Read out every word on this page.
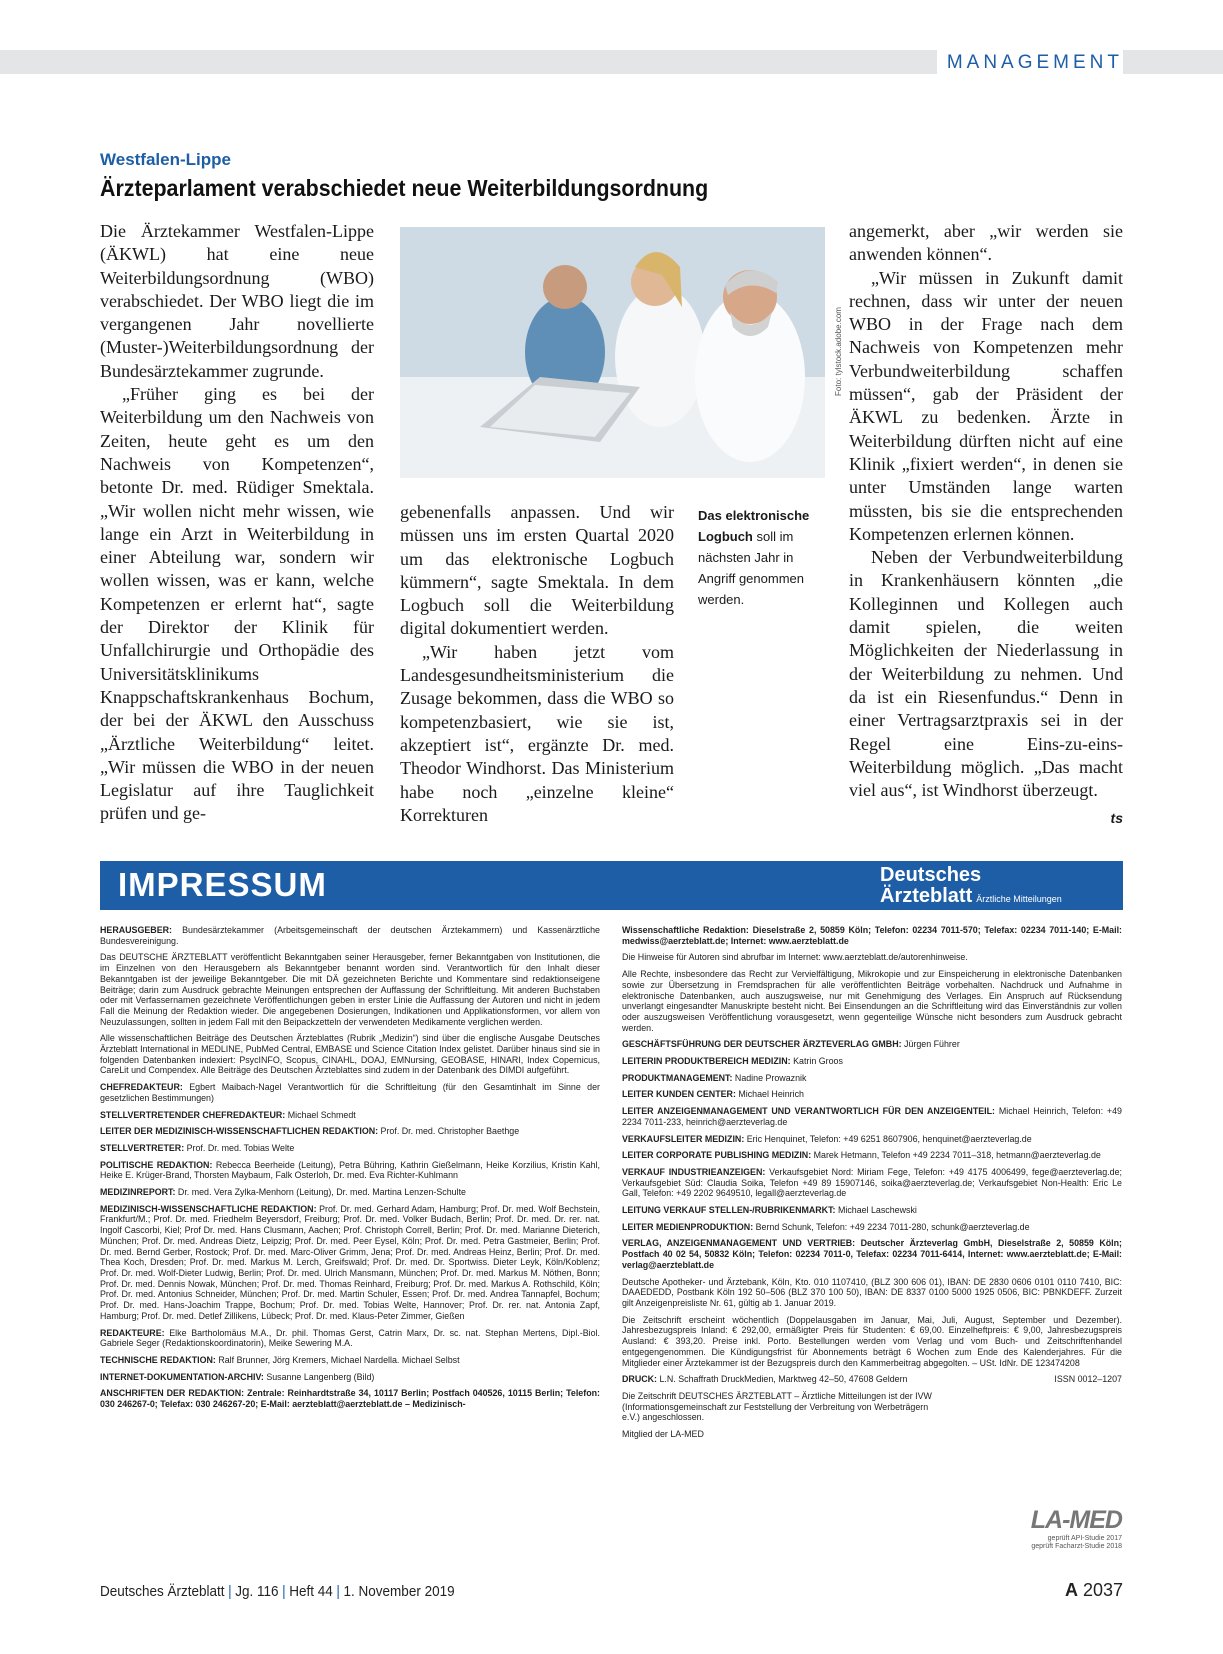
MANAGEMENT
Westfalen-Lippe
Ärzteparlament verabschiedet neue Weiterbildungsordnung

Die Ärztekammer Westfalen-Lippe (ÄKWL) hat eine neue Weiterbildungsordnung (WBO) verabschiedet. Der WBO liegt die im vergangenen Jahr novellierte (Muster-)Weiterbildungsordnung der Bundesärztekammer zugrunde.

„Früher ging es bei der Weiterbildung um den Nachweis von Zeiten, heute geht es um den Nachweis von Kompetenzen“, betonte Dr. med. Rüdiger Smektala. „Wir wollen nicht mehr wissen, wie lange ein Arzt in Weiterbildung in einer Abteilung war, sondern wir wollen wissen, was er kann, welche Kompetenzen er erlernt hat“, sagte der Direktor der Klinik für Unfallchirurgie und Orthopädie des Universitätsklinikums Knappschaftskrankenhaus Bochum, der bei der ÄKWL den Ausschuss „Ärztliche Weiterbildung“ leitet. „Wir müssen die WBO in der neuen Legislatur auf ihre Tauglichkeit prüfen und ge-

Foto: tylstock.adobe.com
Das elektronische Logbuch soll im nächsten Jahr in Angriff genommen werden.

gebenenfalls anpassen. Und wir müssen uns im ersten Quartal 2020 um das elektronische Logbuch kümmern“, sagte Smektala. In dem Logbuch soll die Weiterbildung digital dokumentiert werden.

„Wir haben jetzt vom Landesgesundheitsministerium die Zusage bekommen, dass die WBO so kompetenzbasiert, wie sie ist, akzeptiert ist“, ergänzte Dr. med. Theodor Windhorst. Das Ministerium habe noch „einzelne kleine“ Korrekturen

angemerkt, aber „wir werden sie anwenden können“.

„Wir müssen in Zukunft damit rechnen, dass wir unter der neuen WBO in der Frage nach dem Nachweis von Kompetenzen mehr Verbundweiterbildung schaffen müssen“, gab der Präsident der ÄKWL zu bedenken. Ärzte in Weiterbildung dürften nicht auf eine Klinik „fixiert werden“, in denen sie unter Umständen lange warten müssten, bis sie die entsprechenden Kompetenzen erlernen können.

Neben der Verbundweiterbildung in Krankenhäusern könnten „die Kolleginnen und Kollegen auch damit spielen, die weiten Möglichkeiten der Niederlassung in der Weiterbildung zu nehmen. Und da ist ein Riesenfundus.“ Denn in einer Vertragsarztpraxis sei in der Regel eine Eins-zu-eins-Weiterbildung möglich. „Das macht viel aus“, ist Windhorst überzeugt.
ts

IMPRESSUM	Deutsches
Ärzteblatt Ärztliche Mitteilungen

HERAUSGEBER: Bundesärztekammer (Arbeitsgemeinschaft der deutschen Ärztekammern) und Kassenärztliche Bundesvereinigung.

Das DEUTSCHE ÄRZTEBLATT veröffentlicht Bekanntgaben seiner Herausgeber, ferner Bekanntgaben von Institutionen, die im Einzelnen von den Herausgebern als Bekanntgeber benannt worden sind. Verantwortlich für den Inhalt dieser Bekanntgaben ist der jeweilige Bekanntgeber. Die mit DÄ gezeichneten Berichte und Kommentare sind redaktionseigene Beiträge; darin zum Ausdruck gebrachte Meinungen entsprechen der Auffassung der Schriftleitung. Mit anderen Buchstaben oder mit Verfassernamen gezeichnete Veröffentlichungen geben in erster Linie die Auffassung der Autoren und nicht in jedem Fall die Meinung der Redaktion wieder. Die angegebenen Dosierungen, Indikationen und Applikationsformen, vor allem von Neuzulassungen, sollten in jedem Fall mit den Beipackzetteln der verwendeten Medikamente verglichen werden.

Alle wissenschaftlichen Beiträge des Deutschen Ärzteblattes (Rubrik „Medizin“) sind über die englische Ausgabe Deutsches Ärzteblatt International in MEDLINE, PubMed Central, EMBASE und Science Citation Index gelistet. Darüber hinaus sind sie in folgenden Datenbanken indexiert: PsycINFO, Scopus, CINAHL, DOAJ, EMNursing, GEOBASE, HINARI, Index Copernicus, CareLit und Compendex. Alle Beiträge des Deutschen Ärzteblattes sind zudem in der Datenbank des DIMDI aufgeführt.

CHEFREDAKTEUR: Egbert Maibach-Nagel Verantwortlich für die Schriftleitung (für den Gesamtinhalt im Sinne der gesetzlichen Bestimmungen)

STELLVERTRETENDER CHEFREDAKTEUR: Michael Schmedt

LEITER DER MEDIZINISCH-WISSENSCHAFTLICHEN REDAKTION: Prof. Dr. med. Christopher Baethge

STELLVERTRETER: Prof. Dr. med. Tobias Welte

POLITISCHE REDAKTION: Rebecca Beerheide (Leitung), Petra Bühring, Kathrin Gießelmann, Heike Korzilius, Kristin Kahl, Heike E. Krüger-Brand, Thorsten Maybaum, Falk Osterloh, Dr. med. Eva Richter-Kuhlmann

MEDIZINREPORT: Dr. med. Vera Zylka-Menhorn (Leitung), Dr. med. Martina Lenzen-Schulte

MEDIZINISCH-WISSENSCHAFTLICHE REDAKTION: Prof. Dr. med. Gerhard Adam, Hamburg; Prof. Dr. med. Wolf Bechstein, Frankfurt/M.; Prof. Dr. med. Friedhelm Beyersdorf, Freiburg; Prof. Dr. med. Volker Budach, Berlin; Prof. Dr. med. Dr. rer. nat. Ingolf Cascorbi, Kiel; Prof Dr. med. Hans Clusmann, Aachen; Prof. Christoph Correll, Berlin; Prof. Dr. med. Marianne Dieterich, München; Prof. Dr. med. Andreas Dietz, Leipzig; Prof. Dr. med. Peer Eysel, Köln; Prof. Dr. med. Petra Gastmeier, Berlin; Prof. Dr. med. Bernd Gerber, Rostock; Prof. Dr. med. Marc-Oliver Grimm, Jena; Prof. Dr. med. Andreas Heinz, Berlin; Prof. Dr. med. Thea Koch, Dresden; Prof. Dr. med. Markus M. Lerch, Greifswald; Prof. Dr. med. Dr. Sportwiss. Dieter Leyk, Köln/Koblenz; Prof. Dr. med. Wolf-Dieter Ludwig, Berlin; Prof. Dr. med. Ulrich Mansmann, München; Prof. Dr. med. Markus M. Nöthen, Bonn; Prof. Dr. med. Dennis Nowak, München; Prof. Dr. med. Thomas Reinhard, Freiburg; Prof. Dr. med. Markus A. Rothschild, Köln; Prof. Dr. med. Antonius Schneider, München; Prof. Dr. med. Martin Schuler, Essen; Prof. Dr. med. Andrea Tannapfel, Bochum; Prof. Dr. med. Hans-Joachim Trappe, Bochum; Prof. Dr. med. Tobias Welte, Hannover; Prof. Dr. rer. nat. Antonia Zapf, Hamburg; Prof. Dr. med. Detlef Zillikens, Lübeck; Prof. Dr. med. Klaus-Peter Zimmer, Gießen

REDAKTEURE: Elke Bartholomäus M.A., Dr. phil. Thomas Gerst, Catrin Marx, Dr. sc. nat. Stephan Mertens, Dipl.-Biol. Gabriele Seger (Redaktionskoordinatorin), Meike Sewering M.A.

TECHNISCHE REDAKTION: Ralf Brunner, Jörg Kremers, Michael Nardella. Michael Selbst

INTERNET-DOKUMENTATION-ARCHIV: Susanne Langenberg (Bild)

ANSCHRIFTEN DER REDAKTION: Zentrale: Reinhardtstraße 34, 10117 Berlin; Postfach 040526, 10115 Berlin; Telefon: 030 246267-0; Telefax: 030 246267-20; E-Mail: aerzteblatt@aerzteblatt.de – Medizinisch-

Wissenschaftliche Redaktion: Dieselstraße 2, 50859 Köln; Telefon: 02234 7011-570; Telefax: 02234 7011-140; E-Mail: medwiss@aerzteblatt.de; Internet: www.aerzteblatt.de

Die Hinweise für Autoren sind abrufbar im Internet: www.aerzteblatt.de/autorenhinweise.

Alle Rechte, insbesondere das Recht zur Vervielfältigung, Mikrokopie und zur Einspeicherung in elektronische Datenbanken sowie zur Übersetzung in Fremdsprachen für alle veröffentlichten Beiträge vorbehalten. Nachdruck und Aufnahme in elektronische Datenbanken, auch auszugsweise, nur mit Genehmigung des Verlages. Ein Anspruch auf Rücksendung unverlangt eingesandter Manuskripte besteht nicht. Bei Einsendungen an die Schriftleitung wird das Einverständnis zur vollen oder auszugsweisen Veröffentlichung vorausgesetzt, wenn gegenteilige Wünsche nicht besonders zum Ausdruck gebracht werden.

GESCHÄFTSFÜHRUNG DER DEUTSCHER ÄRZTEVERLAG GMBH: Jürgen Führer

LEITERIN PRODUKTBEREICH MEDIZIN: Katrin Groos

PRODUKTMANAGEMENT: Nadine Prowaznik

LEITER KUNDEN CENTER: Michael Heinrich

LEITER ANZEIGENMANAGEMENT UND VERANTWORTLICH FÜR DEN ANZEIGENTEIL: Michael Heinrich, Telefon: +49 2234 7011-233, heinrich@aerzteverlag.de

VERKAUFSLEITER MEDIZIN: Eric Henquinet, Telefon: +49 6251 8607906, henquinet@aerzteverlag.de

LEITER CORPORATE PUBLISHING MEDIZIN: Marek Hetmann, Telefon +49 2234 7011–318, hetmann@aerzteverlag.de

VERKAUF INDUSTRIEANZEIGEN: Verkaufsgebiet Nord: Miriam Fege, Telefon: +49 4175 4006499, fege@aerzteverlag.de; Verkaufsgebiet Süd: Claudia Soika, Telefon +49 89 15907146, soika@aerzteverlag.de; Verkaufsgebiet Non-Health: Eric Le Gall, Telefon: +49 2202 9649510, legall@aerzteverlag.de

LEITUNG VERKAUF STELLEN-/RUBRIKENMARKT: Michael Laschewski

LEITER MEDIENPRODUKTION: Bernd Schunk, Telefon: +49 2234 7011-280, schunk@aerzteverlag.de

VERLAG, ANZEIGENMANAGEMENT UND VERTRIEB: Deutscher Ärzteverlag GmbH, Dieselstraße 2, 50859 Köln; Postfach 40 02 54, 50832 Köln; Telefon: 02234 7011-0, Telefax: 02234 7011-6414, Internet: www.aerzteblatt.de; E-Mail: verlag@aerzteblatt.de

Deutsche Apotheker- und Ärztebank, Köln, Kto. 010 1107410, (BLZ 300 606 01), IBAN: DE 2830 0606 0101 0110 7410, BIC: DAAEDEDD, Postbank Köln 192 50–506 (BLZ 370 100 50), IBAN: DE 8337 0100 5000 1925 0506, BIC: PBNKDEFF. Zurzeit gilt Anzeigenpreisliste Nr. 61, gültig ab 1. Januar 2019.

Die Zeitschrift erscheint wöchentlich (Doppelausgaben im Januar, Mai, Juli, August, September und Dezember). Jahresbezugspreis Inland: € 292,00, ermäßigter Preis für Studenten: € 69,00. Einzelheftpreis: € 9,00, Jahresbezugspreis Ausland: € 393,20. Preise inkl. Porto. Bestellungen werden vom Verlag und vom Buch- und Zeitschriftenhandel entgegengenommen. Die Kündigungsfrist für Abonnements beträgt 6 Wochen zum Ende des Kalenderjahres. Für die Mitglieder einer Ärztekammer ist der Bezugspreis durch den Kammerbeitrag abgegolten. – USt. IdNr. DE 123474208

DRUCK: L.N. Schaffrath DruckMedien, Marktweg 42–50, 47608 Geldern	ISSN 0012–1207

Die Zeitschrift DEUTSCHES ÄRZTEBLATT – Ärztliche Mitteilungen ist der IVW (Informationsgemeinschaft zur Feststellung der Verbreitung von Werbeträgern e.V.) angeschlossen.

Mitglied der LA-MED

LA-MED
geprüft API-Studie 2017
geprüft Facharzt-Studie 2018
Deutsches Ärzteblatt | Jg. 116 | Heft 44 | 1. November 2019	A 2037
